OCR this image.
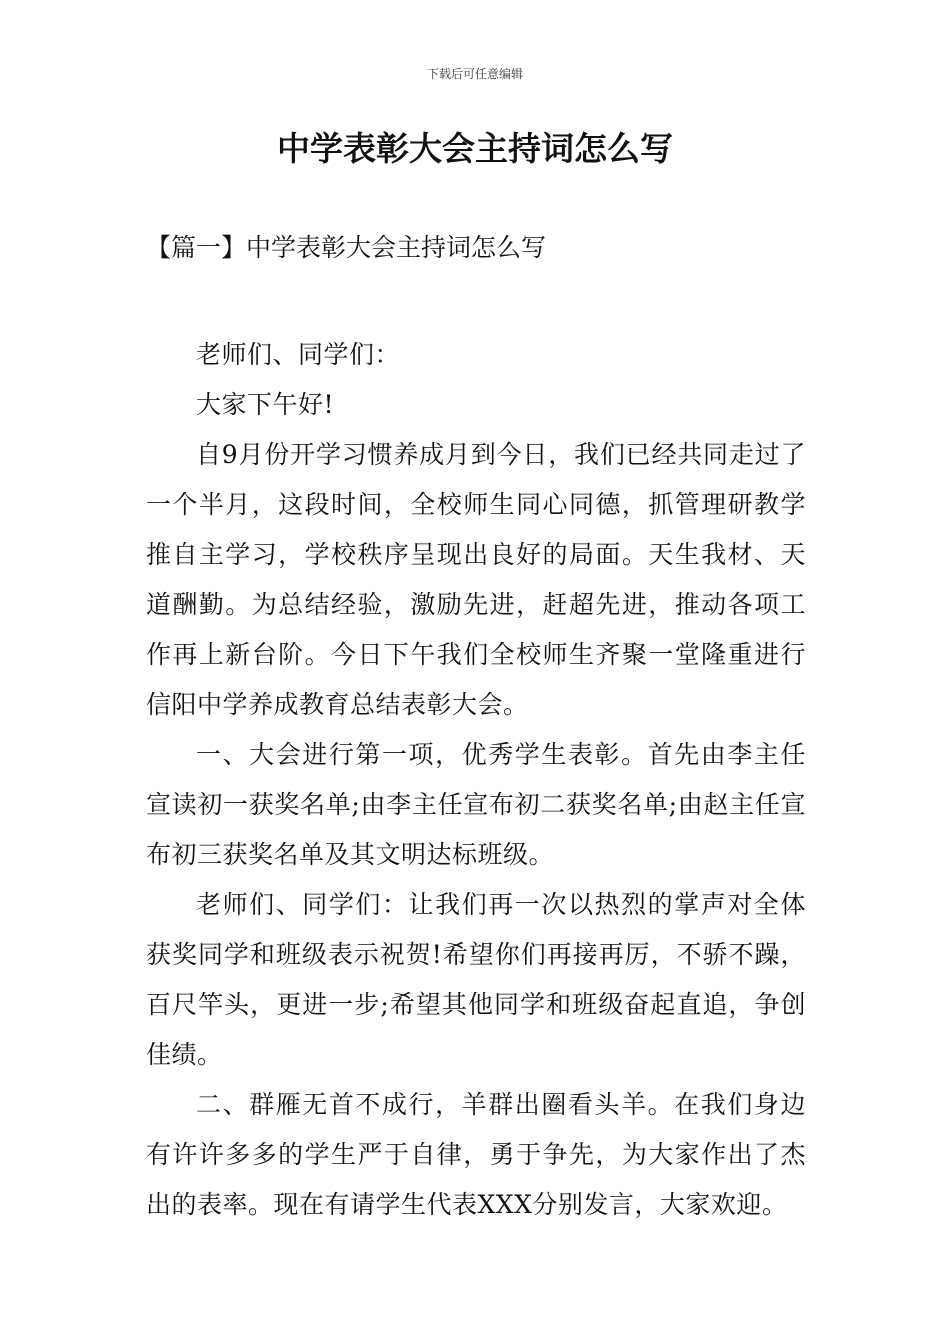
下载后可任意编辑
中学表彰大会主持词怎么写
【篇一】中学表彰大会主持词怎么写

老师们、同学们：

大家下午好!

自9月份开学习惯养成月到今日，我们已经共同走过了一个半月，这段时间，全校师生同心同德，抓管理研教学推自主学习，学校秩序呈现出良好的局面。天生我材、天道酬勤。为总结经验，激励先进，赶超先进，推动各项工作再上新台阶。今日下午我们全校师生齐聚一堂隆重进行信阳中学养成教育总结表彰大会。

一、大会进行第一项，优秀学生表彰。首先由李主任宣读初一获奖名单;由李主任宣布初二获奖名单;由赵主任宣布初三获奖名单及其文明达标班级。

老师们、同学们：让我们再一次以热烈的掌声对全体获奖同学和班级表示祝贺!希望你们再接再厉，不骄不躁，百尺竿头，更进一步;希望其他同学和班级奋起直追，争创佳绩。

二、群雁无首不成行，羊群出圈看头羊。在我们身边有许许多多的学生严于自律，勇于争先，为大家作出了杰出的表率。现在有请学生代表XXX分别发言，大家欢迎。
